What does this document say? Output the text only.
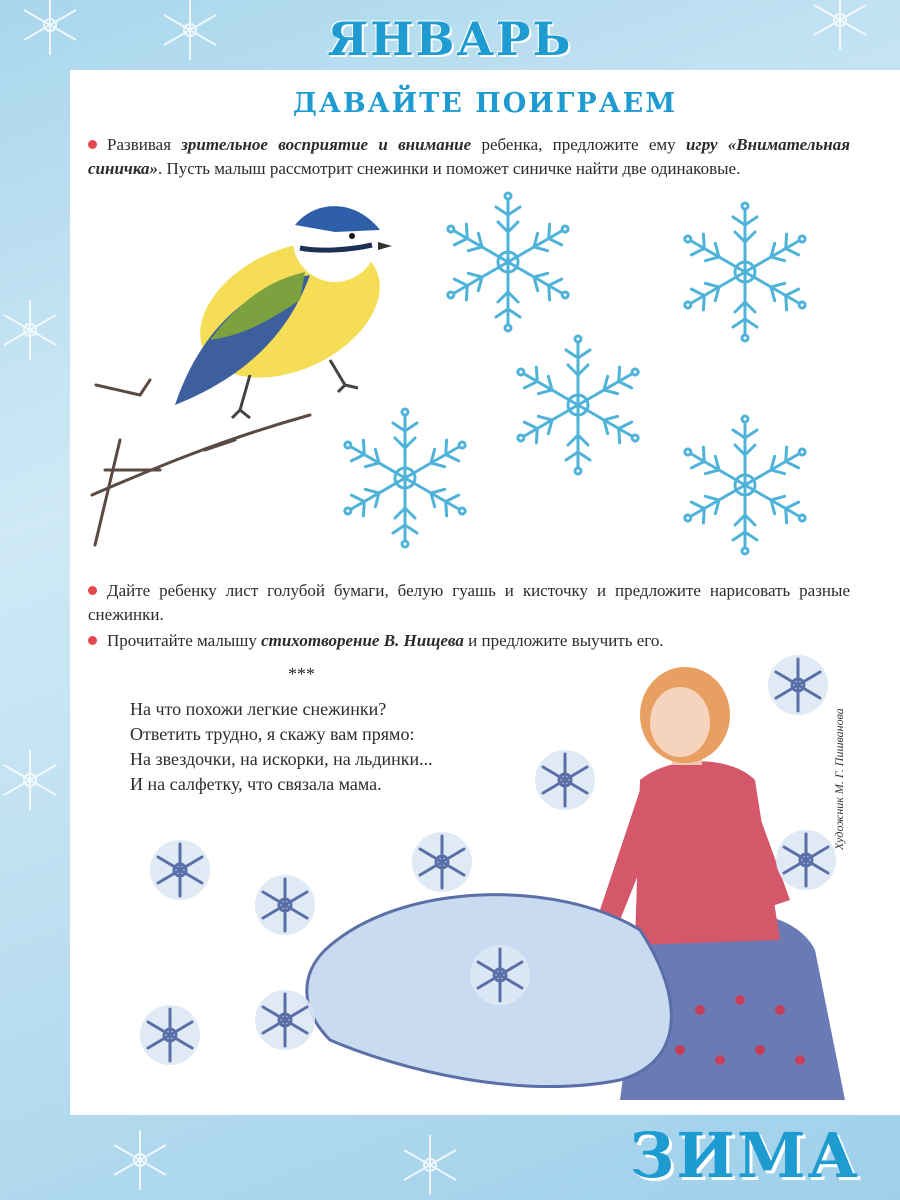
ЯНВАРЬ
ДАВАЙТЕ ПОИГРАЕМ
Развивая зрительное восприятие и внимание ребенка, предложите ему игру «Внимательная синичка». Пусть малыш рассмотрит снежинки и поможет синичке найти две одинаковые.
Дайте ребенку лист голубой бумаги, белую гуашь и кисточку и предложите нарисовать разные снежинки.
Прочитайте малышу стихотворение В. Нищева и предложите выучить его.
***
На что похожи легкие снежинки?
Ответить трудно, я скажу вам прямо:
На звездочки, на искорки, на льдинки...
И на салфетку, что связала мама.	Художник М. Г. Пишванова
ЗИМА
